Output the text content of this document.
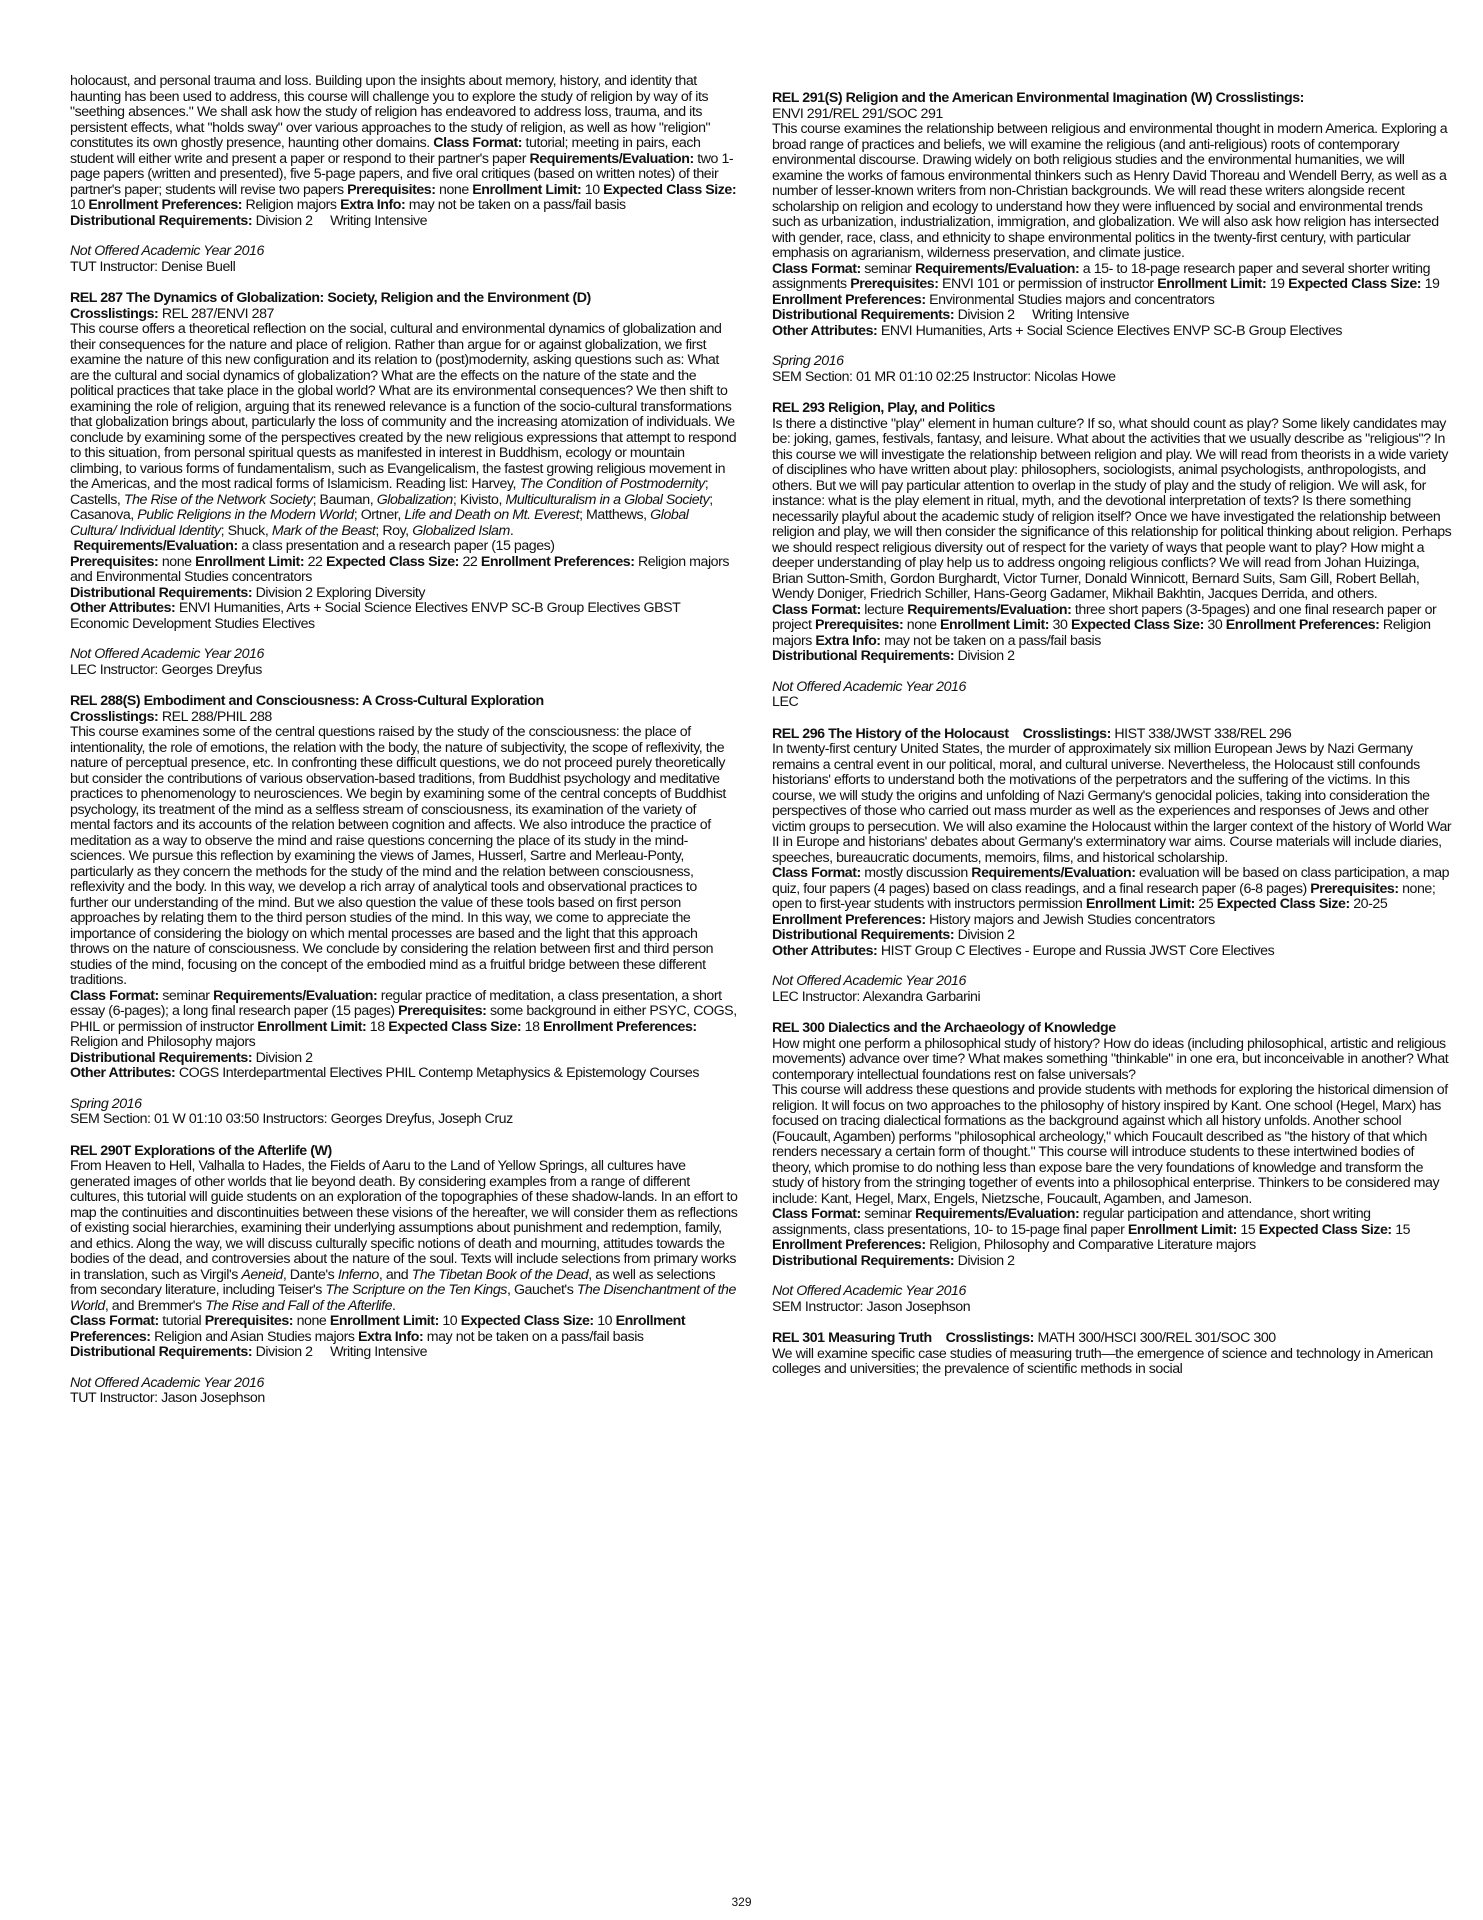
holocaust, and personal trauma and loss. Building upon the insights about memory, history, and identity that haunting has been used to address, this course will challenge you to explore the study of religion by way of its "seething absences." We shall ask how the study of religion has endeavored to address loss, trauma, and its persistent effects, what "holds sway" over various approaches to the study of religion, as well as how "religion" constitutes its own ghostly presence, haunting other domains. Class Format: tutorial; meeting in pairs, each student will either write and present a paper or respond to their partner's paper Requirements/Evaluation: two 1-page papers (written and presented), five 5-page papers, and five oral critiques (based on written notes) of their partner's paper; students will revise two papers Prerequisites: none Enrollment Limit: 10 Expected Class Size: 10 Enrollment Preferences: Religion majors Extra Info: may not be taken on a pass/fail basis

Distributional Requirements: Division 2     Writing Intensive

Not Offered Academic Year 2016

TUT Instructor: Denise Buell

REL 287 The Dynamics of Globalization: Society, Religion and the Environment (D)

Crosslistings: REL 287/ENVI 287

This course offers a theoretical reflection on the social, cultural and environmental dynamics of globalization and their consequences for the nature and place of religion. Rather than argue for or against globalization, we first examine the nature of this new configuration and its relation to (post)modernity, asking questions such as: What are the cultural and social dynamics of globalization? What are the effects on the nature of the state and the political practices that take place in the global world? What are its environmental consequences? We then shift to examining the role of religion, arguing that its renewed relevance is a function of the socio-cultural transformations that globalization brings about, particularly the loss of community and the increasing atomization of individuals. We conclude by examining some of the perspectives created by the new religious expressions that attempt to respond to this situation, from personal spiritual quests as manifested in interest in Buddhism, ecology or mountain climbing, to various forms of fundamentalism, such as Evangelicalism, the fastest growing religious movement in the Americas, and the most radical forms of Islamicism. Reading list: Harvey, The Condition of Postmodernity; Castells, The Rise of the Network Society; Bauman, Globalization; Kivisto, Multiculturalism in a Global Society; Casanova, Public Religions in the Modern World; Ortner, Life and Death on Mt. Everest; Matthews, Global Cultura/ Individual Identity; Shuck, Mark of the Beast; Roy, Globalized Islam.

Requirements/Evaluation: a class presentation and a research paper (15 pages)

Prerequisites: none Enrollment Limit: 22 Expected Class Size: 22 Enrollment Preferences: Religion majors and Environmental Studies concentrators

Distributional Requirements: Division 2 Exploring Diversity

Other Attributes: ENVI Humanities, Arts + Social Science Electives ENVP SC-B Group Electives GBST Economic Development Studies Electives

Not Offered Academic Year 2016

LEC Instructor: Georges Dreyfus

REL 288(S) Embodiment and Consciousness: A Cross-Cultural Exploration

Crosslistings: REL 288/PHIL 288

This course examines some of the central questions raised by the study of the consciousness: the place of intentionality, the role of emotions, the relation with the body, the nature of subjectivity, the scope of reflexivity, the nature of perceptual presence, etc. In confronting these difficult questions, we do not proceed purely theoretically but consider the contributions of various observation-based traditions, from Buddhist psychology and meditative practices to phenomenology to neurosciences. We begin by examining some of the central concepts of Buddhist psychology, its treatment of the mind as a selfless stream of consciousness, its examination of the variety of mental factors and its accounts of the relation between cognition and affects. We also introduce the practice of meditation as a way to observe the mind and raise questions concerning the place of its study in the mind-sciences. We pursue this reflection by examining the views of James, Husserl, Sartre and Merleau-Ponty, particularly as they concern the methods for the study of the mind and the relation between consciousness, reflexivity and the body. In this way, we develop a rich array of analytical tools and observational practices to further our understanding of the mind. But we also question the value of these tools based on first person approaches by relating them to the third person studies of the mind. In this way, we come to appreciate the importance of considering the biology on which mental processes are based and the light that this approach throws on the nature of consciousness. We conclude by considering the relation between first and third person studies of the mind, focusing on the concept of the embodied mind as a fruitful bridge between these different traditions.

Class Format: seminar Requirements/Evaluation: regular practice of meditation, a class presentation, a short essay (6-pages); a long final research paper (15 pages) Prerequisites: some background in either PSYC, COGS, PHIL or permission of instructor Enrollment Limit: 18 Expected Class Size: 18 Enrollment Preferences: Religion and Philosophy majors

Distributional Requirements: Division 2

Other Attributes: COGS Interdepartmental Electives PHIL Contemp Metaphysics & Epistemology Courses

Spring 2016

SEM Section: 01 W 01:10 03:50 Instructors: Georges Dreyfus, Joseph Cruz

REL 290T Explorations of the Afterlife (W)

From Heaven to Hell, Valhalla to Hades, the Fields of Aaru to the Land of Yellow Springs, all cultures have generated images of other worlds that lie beyond death. By considering examples from a range of different cultures, this tutorial will guide students on an exploration of the topographies of these shadow-lands. In an effort to map the continuities and discontinuities between these visions of the hereafter, we will consider them as reflections of existing social hierarchies, examining their underlying assumptions about punishment and redemption, family, and ethics. Along the way, we will discuss culturally specific notions of death and mourning, attitudes towards the bodies of the dead, and controversies about the nature of the soul. Texts will include selections from primary works in translation, such as Virgil's Aeneid, Dante's Inferno, and The Tibetan Book of the Dead, as well as selections from secondary literature, including Teiser's The Scripture on the Ten Kings, Gauchet's The Disenchantment of the World, and Bremmer's The Rise and Fall of the Afterlife.

Class Format: tutorial Prerequisites: none Enrollment Limit: 10 Expected Class Size: 10 Enrollment Preferences: Religion and Asian Studies majors Extra Info: may not be taken on a pass/fail basis

Distributional Requirements: Division 2     Writing Intensive

Not Offered Academic Year 2016

TUT Instructor: Jason Josephson

REL 291(S) Religion and the American Environmental Imagination (W) Crosslistings:

ENVI 291/REL 291/SOC 291

This course examines the relationship between religious and environmental thought in modern America. Exploring a broad range of practices and beliefs, we will examine the religious (and anti-religious) roots of contemporary environmental discourse. Drawing widely on both religious studies and the environmental humanities, we will examine the works of famous environmental thinkers such as Henry David Thoreau and Wendell Berry, as well as a number of lesser-known writers from non-Christian backgrounds. We will read these writers alongside recent scholarship on religion and ecology to understand how they were influenced by social and environmental trends such as urbanization, industrialization, immigration, and globalization. We will also ask how religion has intersected with gender, race, class, and ethnicity to shape environmental politics in the twenty-first century, with particular emphasis on agrarianism, wilderness preservation, and climate justice.

Class Format: seminar Requirements/Evaluation: a 15- to 18-page research paper and several shorter writing assignments Prerequisites: ENVI 101 or permission of instructor Enrollment Limit: 19 Expected Class Size: 19 Enrollment Preferences: Environmental Studies majors and concentrators

Distributional Requirements: Division 2     Writing Intensive

Other Attributes: ENVI Humanities, Arts + Social Science Electives ENVP SC-B Group Electives

Spring 2016

SEM Section: 01 MR 01:10 02:25 Instructor: Nicolas Howe

REL 293 Religion, Play, and Politics

Is there a distinctive "play" element in human culture? If so, what should count as play? Some likely candidates may be: joking, games, festivals, fantasy, and leisure. What about the activities that we usually describe as "religious"? In this course we will investigate the relationship between religion and play. We will read from theorists in a wide variety of disciplines who have written about play: philosophers, sociologists, animal psychologists, anthropologists, and others. But we will pay particular attention to overlap in the study of play and the study of religion. We will ask, for instance: what is the play element in ritual, myth, and the devotional interpretation of texts? Is there something necessarily playful about the academic study of religion itself? Once we have investigated the relationship between religion and play, we will then consider the significance of this relationship for political thinking about religion. Perhaps we should respect religious diversity out of respect for the variety of ways that people want to play? How might a deeper understanding of play help us to address ongoing religious conflicts? We will read from Johan Huizinga, Brian Sutton-Smith, Gordon Burghardt, Victor Turner, Donald Winnicott, Bernard Suits, Sam Gill, Robert Bellah, Wendy Doniger, Friedrich Schiller, Hans-Georg Gadamer, Mikhail Bakhtin, Jacques Derrida, and others.

Class Format: lecture Requirements/Evaluation: three short papers (3-5pages) and one final research paper or project Prerequisites: none Enrollment Limit: 30 Expected Class Size: 30 Enrollment Preferences: Religion majors Extra Info: may not be taken on a pass/fail basis

Distributional Requirements: Division 2

Not Offered Academic Year 2016

LEC

REL 296 The History of the Holocaust Crosslistings: HIST 338/JWST 338/REL 296

In twenty-first century United States, the murder of approximately six million European Jews by Nazi Germany remains a central event in our political, moral, and cultural universe. Nevertheless, the Holocaust still confounds historians' efforts to understand both the motivations of the perpetrators and the suffering of the victims. In this course, we will study the origins and unfolding of Nazi Germany's genocidal policies, taking into consideration the perspectives of those who carried out mass murder as well as the experiences and responses of Jews and other victim groups to persecution. We will also examine the Holocaust within the larger context of the history of World War II in Europe and historians' debates about Germany's exterminatory war aims. Course materials will include diaries, speeches, bureaucratic documents, memoirs, films, and historical scholarship.

Class Format: mostly discussion Requirements/Evaluation: evaluation will be based on class participation, a map quiz, four papers (4 pages) based on class readings, and a final research paper (6-8 pages) Prerequisites: none; open to first-year students with instructors permission Enrollment Limit: 25 Expected Class Size: 20-25 Enrollment Preferences: History majors and Jewish Studies concentrators

Distributional Requirements: Division 2

Other Attributes: HIST Group C Electives - Europe and Russia JWST Core Electives

Not Offered Academic Year 2016

LEC Instructor: Alexandra Garbarini

REL 300 Dialectics and the Archaeology of Knowledge

How might one perform a philosophical study of history? How do ideas (including philosophical, artistic and religious movements) advance over time? What makes something "thinkable" in one era, but inconceivable in another? What contemporary intellectual foundations rest on false universals?

This course will address these questions and provide students with methods for exploring the historical dimension of religion. It will focus on two approaches to the philosophy of history inspired by Kant. One school (Hegel, Marx) has focused on tracing dialectical formations as the background against which all history unfolds. Another school (Foucault, Agamben) performs "philosophical archeology," which Foucault described as "the history of that which renders necessary a certain form of thought." This course will introduce students to these intertwined bodies of theory, which promise to do nothing less than expose bare the very foundations of knowledge and transform the study of history from the stringing together of events into a philosophical enterprise. Thinkers to be considered may include: Kant, Hegel, Marx, Engels, Nietzsche, Foucault, Agamben, and Jameson.

Class Format: seminar Requirements/Evaluation: regular participation and attendance, short writing assignments, class presentations, 10- to 15-page final paper Enrollment Limit: 15 Expected Class Size: 15 Enrollment Preferences: Religion, Philosophy and Comparative Literature majors

Distributional Requirements: Division 2

Not Offered Academic Year 2016

SEM Instructor: Jason Josephson

REL 301 Measuring Truth Crosslistings: MATH 300/HSCI 300/REL 301/SOC 300

We will examine specific case studies of measuring truth—the emergence of science and technology in American colleges and universities; the prevalence of scientific methods in social

329
